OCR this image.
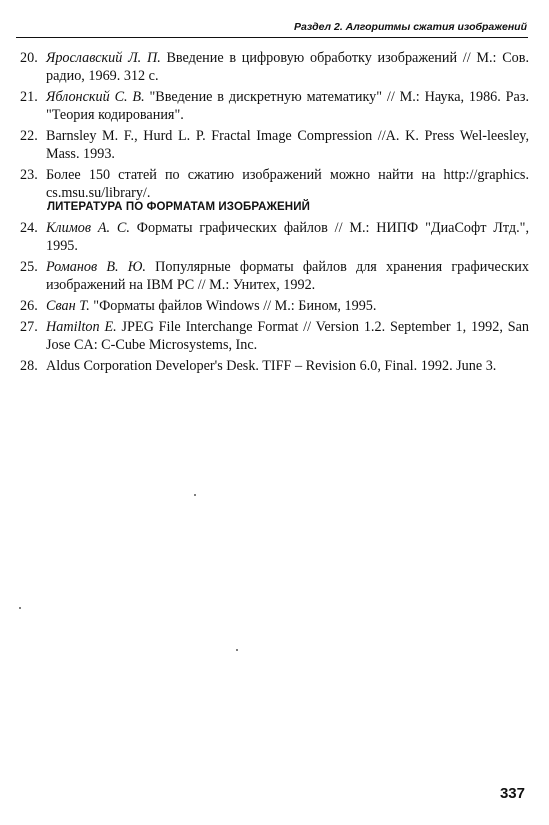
Раздел 2. Алгоритмы сжатия изображений
20. Ярославский Л. П. Введение в цифровую обработку изображений // М.: Сов. радио, 1969. 312 с.
21. Яблонский С. В. "Введение в дискретную математику" // М.: Наука, 1986. Раз. "Теория кодирования".
22. Barnsley M. F., Hurd L. P. Fractal Image Compression //A. K. Press Wel-leesley, Mass. 1993.
23. Более 150 статей по сжатию изображений можно найти на http://graphics. cs.msu.su/library/.
ЛИТЕРАТУРА ПО ФОРМАТАМ ИЗОБРАЖЕНИЙ
24. Климов А. С. Форматы графических файлов // М.: НИПФ "ДиаСофт Лтд.", 1995.
25. Романов В. Ю. Популярные форматы файлов для хранения графических изображений на IBM PC // М.: Унитех, 1992.
26. Сван Т. "Форматы файлов Windows // М.: Бином, 1995.
27. Hamilton E. JPEG File Interchange Format // Version 1.2. September 1, 1992, San Jose CA: C-Cube Microsystems, Inc.
28. Aldus Corporation Developer's Desk. TIFF – Revision 6.0, Final. 1992. June 3.
337
